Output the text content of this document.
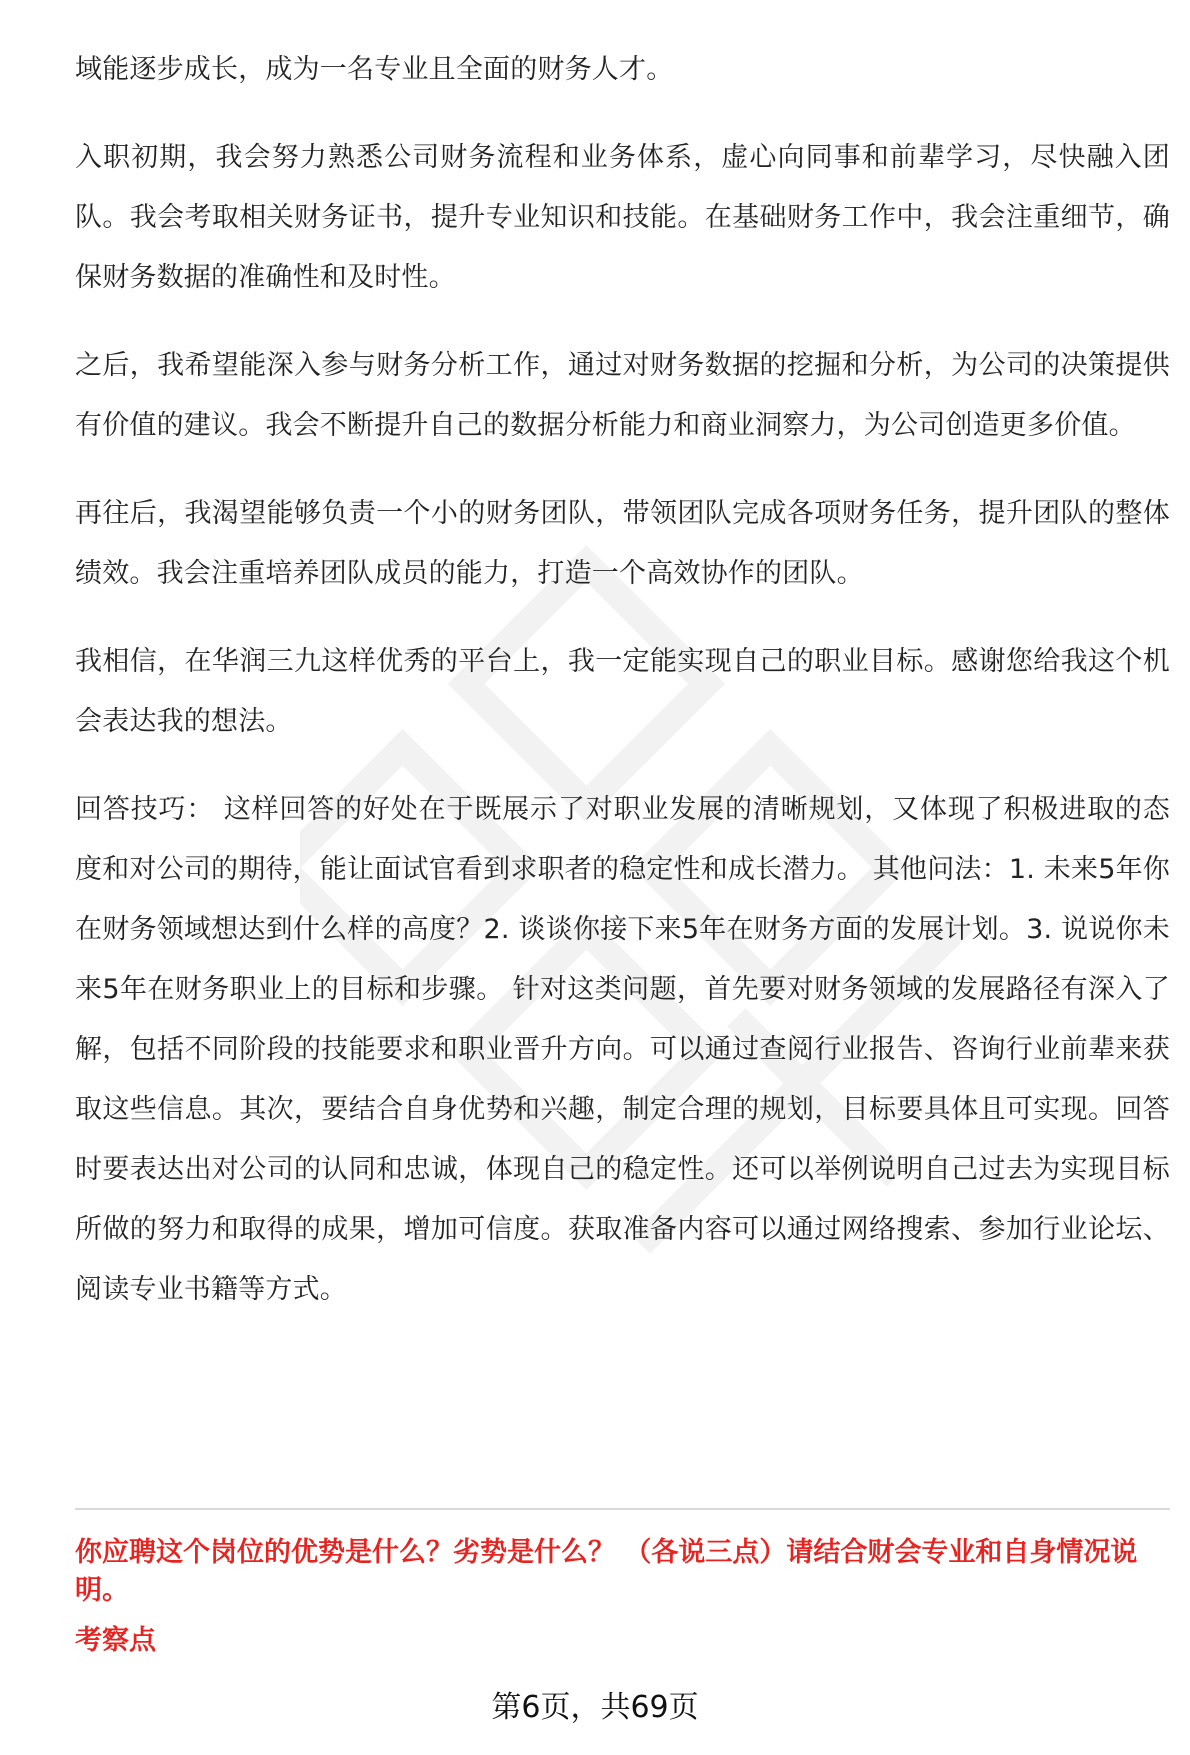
域能逐步成长，成为一名专业且全面的财务人才。

入职初期，我会努力熟悉公司财务流程和业务体系，虚心向同事和前辈学习，尽快融入团队。我会考取相关财务证书，提升专业知识和技能。在基础财务工作中，我会注重细节，确保财务数据的准确性和及时性。

之后，我希望能深入参与财务分析工作，通过对财务数据的挖掘和分析，为公司的决策提供有价值的建议。我会不断提升自己的数据分析能力和商业洞察力，为公司创造更多价值。

再往后，我渴望能够负责一个小的财务团队，带领团队完成各项财务任务，提升团队的整体绩效。我会注重培养团队成员的能力，打造一个高效协作的团队。

我相信，在华润三九这样优秀的平台上，我一定能实现自己的职业目标。感谢您给我这个机会表达我的想法。

回答技巧： 这样回答的好处在于既展示了对职业发展的清晰规划，又体现了积极进取的态度和对公司的期待，能让面试官看到求职者的稳定性和成长潜力。 其他问法：1. 未来5年你在财务领域想达到什么样的高度？2. 谈谈你接下来5年在财务方面的发展计划。3. 说说你未来5年在财务职业上的目标和步骤。 针对这类问题，首先要对财务领域的发展路径有深入了解，包括不同阶段的技能要求和职业晋升方向。可以通过查阅行业报告、咨询行业前辈来获取这些信息。其次，要结合自身优势和兴趣，制定合理的规划，目标要具体且可实现。回答时要表达出对公司的认同和忠诚，体现自己的稳定性。还可以举例说明自己过去为实现目标所做的努力和取得的成果，增加可信度。获取准备内容可以通过网络搜索、参加行业论坛、阅读专业书籍等方式。

你应聘这个岗位的优势是什么？劣势是什么？ （各说三点）请结合财会专业和自身情况说明。

考察点

第6页，共69页
